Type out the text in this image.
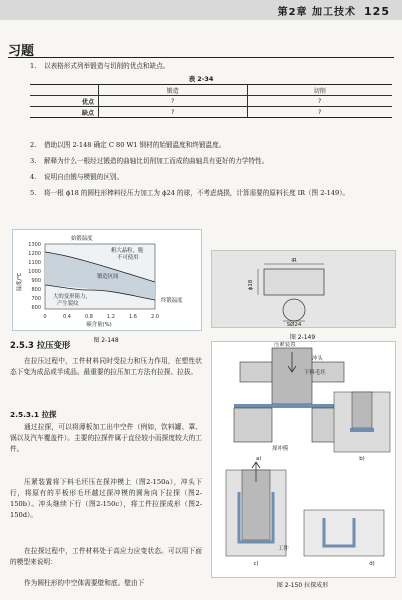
第2章 加工技术 125
习题
1. 以表格形式列举锻造与切削的优点和缺点。
表 2-34
	锻造	切削
优点	?	?
缺点	?	?
2. 借助以图 2-148 确定 C 80 W1 钢材的始锻温度和终锻温度。
3. 解释为什么一根经过锻造的曲轴比切削加工而成的曲轴具有更好的力学特性。
4. 说明自由锻与模锻的区别。
5. 将一根 ϕ18 的圆柱形棒料径压力加工为 ϕ24 的球，不考虑烧损，计算需要的原料长度 lR（图 2-149）。
温度/℃
1300
1200
1100
1000
900
800
700
600
0	0.4	0.8	1.2	1.6	2.0
碳含量(%)
始锻温度
粗大晶粒，脆 不可使用
锻造区间
终锻温度
大的变形阻力， 产生裂纹
图 2-148
lR
ϕ18
SØ24
图 2-149
2.5.3 拉压变形

在拉压过程中，工件材料同时受拉力和压力作用，在塑性状态下变为成品或半成品。最重要的拉压加工方法有拉探、拉拔。

2.5.3.1 拉探

通过拉探，可以将薄板加工出中空件（例如，饮料罐、罩、锅以及汽车覆盖件）。主要的拉探件属于直径较小而探度较大的工件。

压紧装置将下料毛坯压在探冲模上（图2-150a），冲头下行，将原有的平板形毛坯越过探冲模的圆角向下拉探（图2-150b）。冲头继续下行（图2-150c），将工件拉探成形（图2-150d）。

在拉探过程中，工件材料处于高应力应变状态。可以用下面的模型来说明：

作为圆柱形的中空体需要壁和底。壁由下

压紧装置
冲头
下料毛坯
探冲模
a)	b)
c)
工件
d)
图 2-150 拉探成形
